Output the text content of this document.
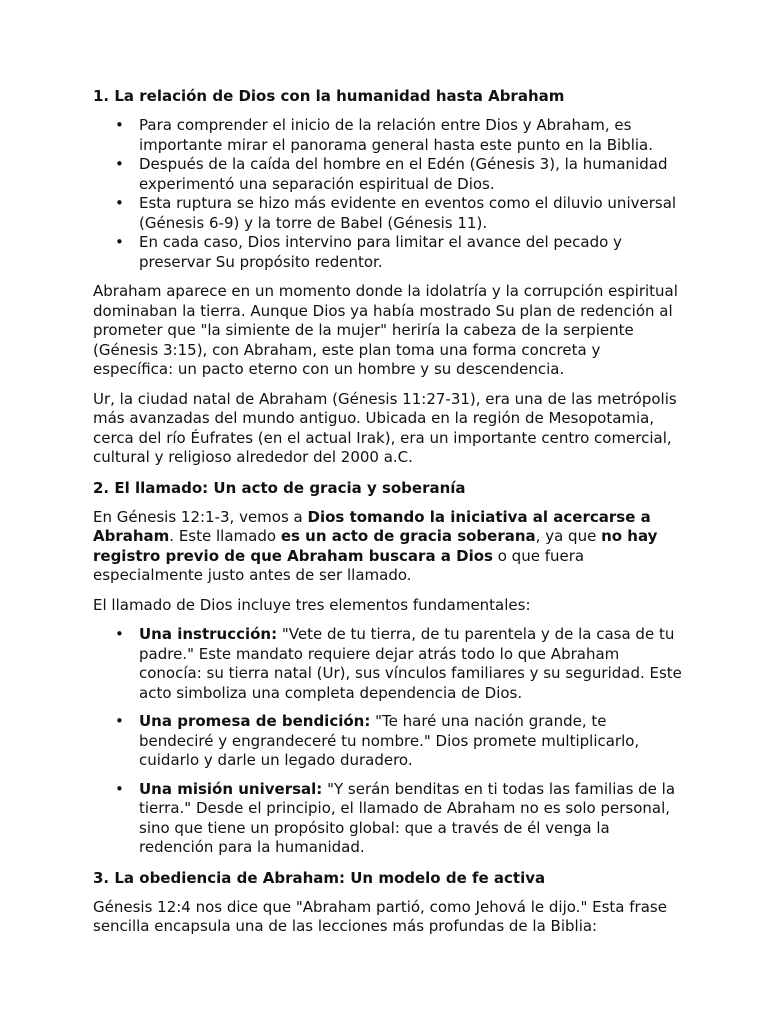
1. La relación de Dios con la humanidad hasta Abraham
• Para comprender el inicio de la relación entre Dios y Abraham, es importante mirar el panorama general hasta este punto en la Biblia.
• Después de la caída del hombre en el Edén (Génesis 3), la humanidad experimentó una separación espiritual de Dios.
• Esta ruptura se hizo más evidente en eventos como el diluvio universal (Génesis 6-9) y la torre de Babel (Génesis 11).
• En cada caso, Dios intervino para limitar el avance del pecado y preservar Su propósito redentor.

Abraham aparece en un momento donde la idolatría y la corrupción espiritual dominaban la tierra. Aunque Dios ya había mostrado Su plan de redención al prometer que "la simiente de la mujer" heriría la cabeza de la serpiente (Génesis 3:15), con Abraham, este plan toma una forma concreta y específica: un pacto eterno con un hombre y su descendencia.

Ur, la ciudad natal de Abraham (Génesis 11:27-31), era una de las metrópolis más avanzadas del mundo antiguo. Ubicada en la región de Mesopotamia, cerca del río Éufrates (en el actual Irak), era un importante centro comercial, cultural y religioso alrededor del 2000 a.C.

2. El llamado: Un acto de gracia y soberanía

En Génesis 12:1-3, vemos a Dios tomando la iniciativa al acercarse a Abraham. Este llamado es un acto de gracia soberana, ya que no hay registro previo de que Abraham buscara a Dios o que fuera especialmente justo antes de ser llamado.

El llamado de Dios incluye tres elementos fundamentales:

• Una instrucción: "Vete de tu tierra, de tu parentela y de la casa de tu padre." Este mandato requiere dejar atrás todo lo que Abraham conocía: su tierra natal (Ur), sus vínculos familiares y su seguridad. Este acto simboliza una completa dependencia de Dios.
• Una promesa de bendición: "Te haré una nación grande, te bendeciré y engrandeceré tu nombre." Dios promete multiplicarlo, cuidarlo y darle un legado duradero.
• Una misión universal: "Y serán benditas en ti todas las familias de la tierra." Desde el principio, el llamado de Abraham no es solo personal, sino que tiene un propósito global: que a través de él venga la redención para la humanidad.
3. La obediencia de Abraham: Un modelo de fe activa

Génesis 12:4 nos dice que "Abraham partió, como Jehová le dijo." Esta frase sencilla encapsula una de las lecciones más profundas de la Biblia:
